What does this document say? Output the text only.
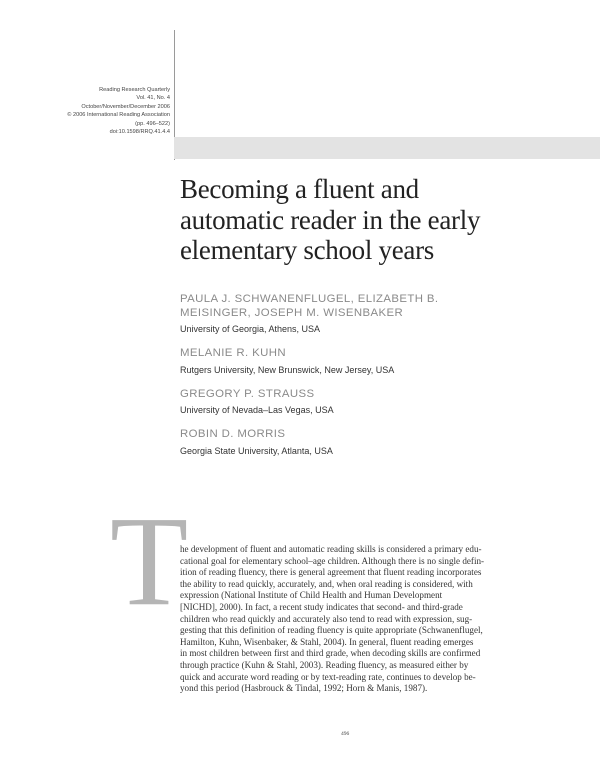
Reading Research Quarterly
Vol. 41, No. 4
October/November/December 2006
© 2006 International Reading Association
(pp. 496–522)
doi:10.1598/RRQ.41.4.4
Becoming a fluent and
automatic reader in the early
elementary school years
PAULA J. SCHWANENFLUGEL, ELIZABETH B.
MEISINGER, JOSEPH M. WISENBAKER
University of Georgia, Athens, USA
MELANIE R. KUHN
Rutgers University, New Brunswick, New Jersey, USA
GREGORY P. STRAUSS
University of Nevada–Las Vegas, USA
ROBIN D. MORRIS
Georgia State University, Atlanta, USA
T
he development of fluent and automatic reading skills is considered a primary edu-
cational goal for elementary school–age children. Although there is no single defin-
ition of reading fluency, there is general agreement that fluent reading incorporates
the ability to read quickly, accurately, and, when oral reading is considered, with
expression (National Institute of Child Health and Human Development
[NICHD], 2000). In fact, a recent study indicates that second- and third-grade
children who read quickly and accurately also tend to read with expression, sug-
gesting that this definition of reading fluency is quite appropriate (Schwanenflugel,
Hamilton, Kuhn, Wisenbaker, & Stahl, 2004). In general, fluent reading emerges
in most children between first and third grade, when decoding skills are confirmed
through practice (Kuhn & Stahl, 2003). Reading fluency, as measured either by
quick and accurate word reading or by text-reading rate, continues to develop be-
yond this period (Hasbrouck & Tindal, 1992; Horn & Manis, 1987).
496
